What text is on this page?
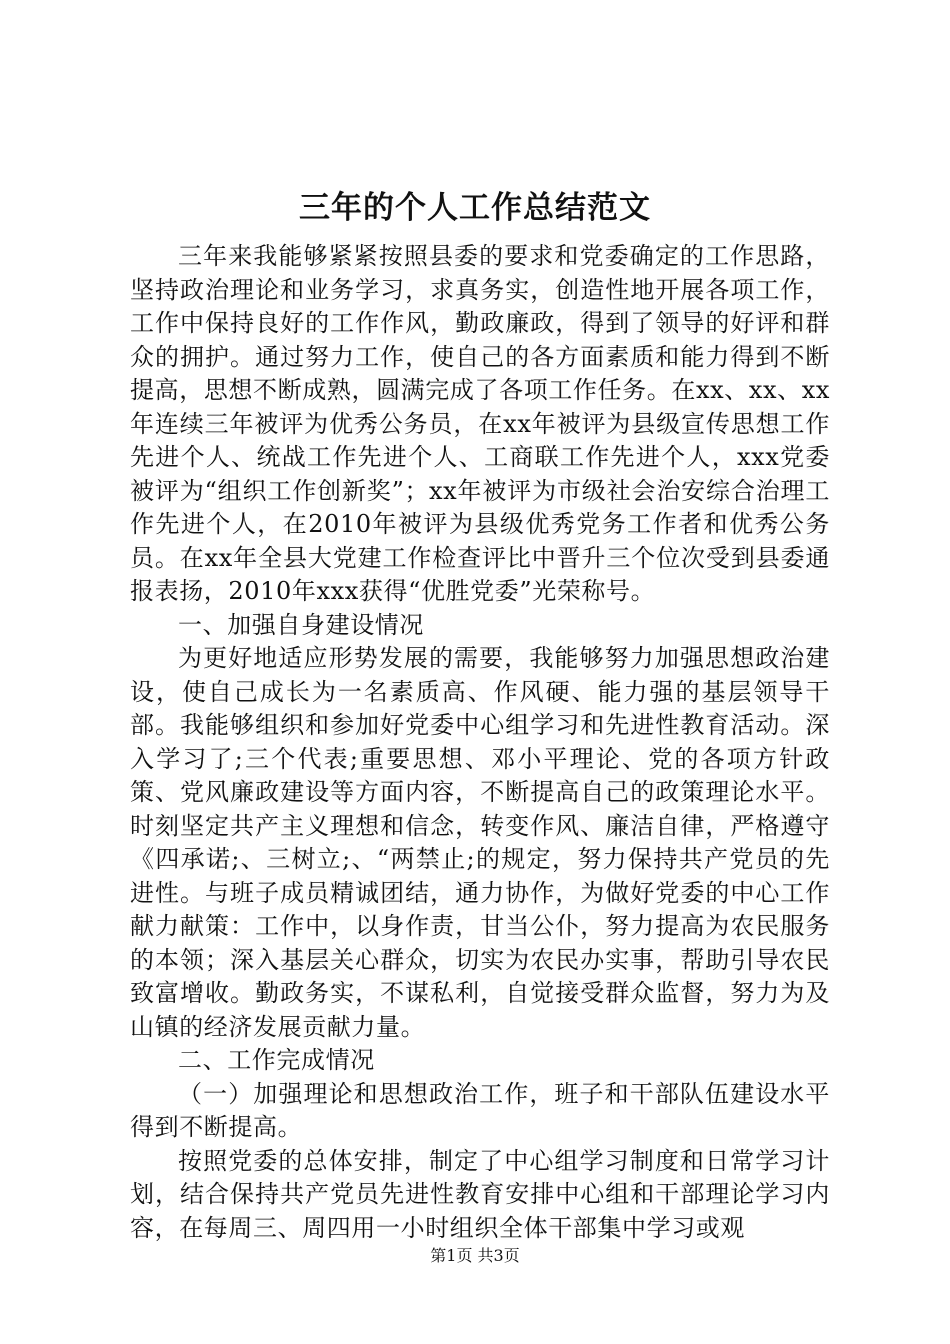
三年的个人工作总结范文

三年来我能够紧紧按照县委的要求和党委确定的工作思路，坚持政治理论和业务学习，求真务实，创造性地开展各项工作，工作中保持良好的工作作风，勤政廉政，得到了领导的好评和群众的拥护。通过努力工作，使自己的各方面素质和能力得到不断提高，思想不断成熟，圆满完成了各项工作任务。在xx、xx、xx年连续三年被评为优秀公务员，在xx年被评为县级宣传思想工作先进个人、统战工作先进个人、工商联工作先进个人，xxx党委被评为“组织工作创新奖”；xx年被评为市级社会治安综合治理工作先进个人，在2010年被评为县级优秀党务工作者和优秀公务员。在xx年全县大党建工作检查评比中晋升三个位次受到县委通报表扬，2010年xxx获得“优胜党委”光荣称号。

一、加强自身建设情况

为更好地适应形势发展的需要，我能够努力加强思想政治建设，使自己成长为一名素质高、作风硬、能力强的基层领导干部。我能够组织和参加好党委中心组学习和先进性教育活动。深入学习了;三个代表;重要思想、邓小平理论、党的各项方针政策、党风廉政建设等方面内容，不断提高自己的政策理论水平。时刻坚定共产主义理想和信念，转变作风、廉洁自律，严格遵守《四承诺;、三树立;、“两禁止;的规定，努力保持共产党员的先进性。与班子成员精诚团结，通力协作，为做好党委的中心工作献力献策：工作中，以身作责，甘当公仆，努力提高为农民服务的本领；深入基层关心群众，切实为农民办实事，帮助引导农民致富增收。勤政务实，不谋私利，自觉接受群众监督，努力为及山镇的经济发展贡献力量。

二、工作完成情况

（一）加强理论和思想政治工作，班子和干部队伍建设水平得到不断提高。

按照党委的总体安排，制定了中心组学习制度和日常学习计划，结合保持共产党员先进性教育安排中心组和干部理论学习内容，在每周三、周四用一小时组织全体干部集中学习或观

第1页 共3页
